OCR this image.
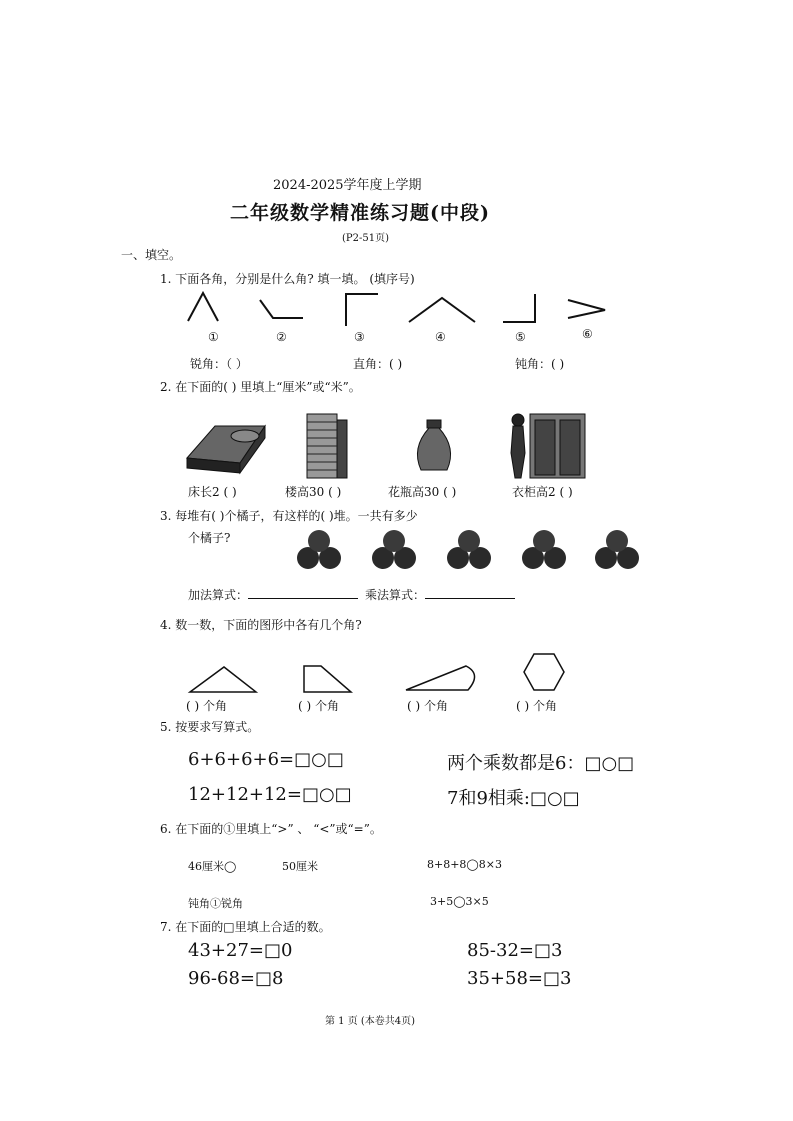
2024-2025学年度上学期
二年级数学精准练习题(中段)
(P2-51页)
一、填空。
1. 下面各角，分别是什么角? 填一填。 (填序号)
①	②	③	④	⑤	⑥
锐角：（ ）	直角：( )	钝角：( )
2. 在下面的( ) 里填上“厘米”或“米”。
床长2 ( )	楼高30 ( )	花瓶高30 ( )	衣柜高2 ( )
3. 每堆有( )个橘子，有这样的( )堆。一共有多少
个橘子?
加法算式：	乘法算式：
4. 数一数，下面的图形中各有几个角?
( ) 个角	( ) 个角	( ) 个角	( ) 个角
5. 按要求写算式。
6+6+6+6=□○□	两个乘数都是6：□○□
12+12+12=□○□	7和9相乘:□○□
6. 在下面的①里填上“>” 、 “<”或“=”。
46厘米◯	50厘米	8+8+8◯8×3
钝角①锐角	3+5◯3×5
7. 在下面的□里填上合适的数。
43+27=□0	85-32=□3
96-68=□8	35+58=□3
第 1 页 (本卷共4页)
